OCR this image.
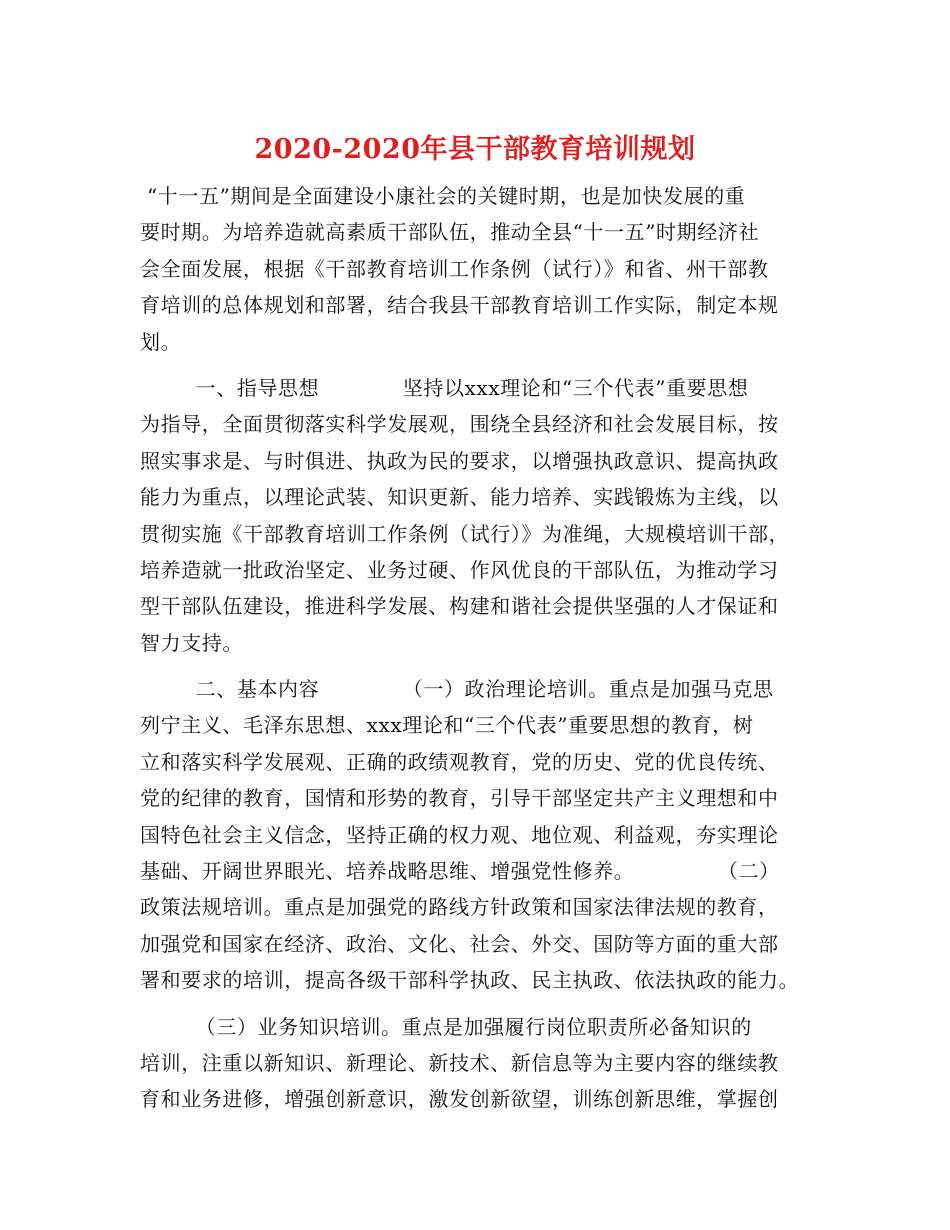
2020-2020年县干部教育培训规划
“十一五”期间是全面建设小康社会的关键时期，也是加快发展的重
要时期。为培养造就高素质干部队伍，推动全县“十一五”时期经济社
会全面发展，根据《干部教育培训工作条例（试行）》和省、州干部教
育培训的总体规划和部署，结合我县干部教育培训工作实际，制定本规
划。
一、指导思想            坚持以xxx理论和“三个代表”重要思想
为指导，全面贯彻落实科学发展观，围绕全县经济和社会发展目标，按
照实事求是、与时俱进、执政为民的要求，以增强执政意识、提高执政
能力为重点，以理论武装、知识更新、能力培养、实践锻炼为主线，以
贯彻实施《干部教育培训工作条例（试行）》为准绳，大规模培训干部，
培养造就一批政治坚定、业务过硬、作风优良的干部队伍，为推动学习
型干部队伍建设，推进科学发展、构建和谐社会提供坚强的人才保证和
智力支持。
二、基本内容            （一）政治理论培训。重点是加强马克思
列宁主义、毛泽东思想、xxx理论和“三个代表”重要思想的教育，树
立和落实科学发展观、正确的政绩观教育，党的历史、党的优良传统、
党的纪律的教育，国情和形势的教育，引导干部坚定共产主义理想和中
国特色社会主义信念，坚持正确的权力观、地位观、利益观，夯实理论
基础、开阔世界眼光、培养战略思维、增强党性修养。            （二）
政策法规培训。重点是加强党的路线方针政策和国家法律法规的教育，
加强党和国家在经济、政治、文化、社会、外交、国防等方面的重大部
署和要求的培训，提高各级干部科学执政、民主执政、依法执政的能力。
（三）业务知识培训。重点是加强履行岗位职责所必备知识的
培训，注重以新知识、新理论、新技术、新信息等为主要内容的继续教
育和业务进修，增强创新意识，激发创新欲望，训练创新思维，掌握创
